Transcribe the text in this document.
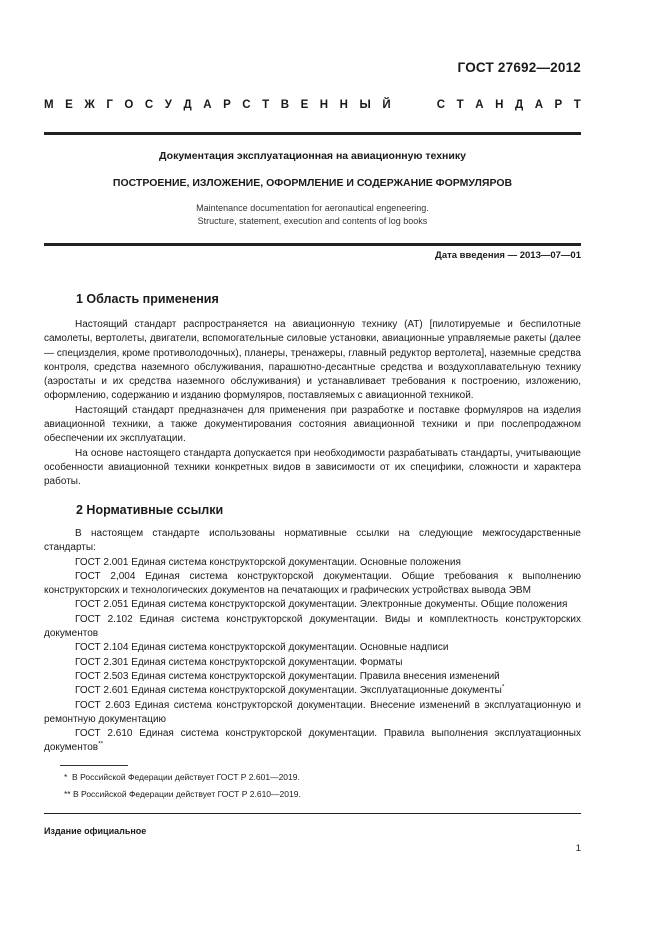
ГОСТ 27692—2012
М Е Ж Г О С У Д А Р С Т В Е Н Н Ы Й	С Т А Н Д А Р Т
Документация эксплуатационная на авиационную технику
ПОСТРОЕНИЕ, ИЗЛОЖЕНИЕ, ОФОРМЛЕНИЕ И СОДЕРЖАНИЕ ФОРМУЛЯРОВ
Maintenance documentation for aeronautical engeneering.
Structure, statement, execution and contents of log books
Дата введения — 2013—07—01
1 Область применения

Настоящий стандарт распространяется на авиационную технику (АТ) [пилотируемые и беспилотные самолеты, вертолеты, двигатели, вспомогательные силовые установки, авиационные управляемые ракеты (далее — специзделия, кроме противолодочных), планеры, тренажеры, главный редуктор вертолета], наземные средства контроля, средства наземного обслуживания, парашютно-десантные средства и воздухоплавательную технику (аэростаты и их средства наземного обслуживания) и устанавливает требования к построению, изложению, оформлению, содержанию и изданию формуляров, поставляемых с авиационной техникой.

Настоящий стандарт предназначен для применения при разработке и поставке формуляров на изделия авиационной техники, а также документирования состояния авиационной техники и при послепродажном обеспечении их эксплуатации.

На основе настоящего стандарта допускается при необходимости разрабатывать стандарты, учитывающие особенности авиационной техники конкретных видов в зависимости от их специфики, сложности и характера работы.

2 Нормативные ссылки

В настоящем стандарте использованы нормативные ссылки на следующие межгосударственные стандарты:

ГОСТ 2.001 Единая система конструкторской документации. Основные положения

ГОСТ 2,004 Единая система конструкторской документации. Общие требования к выполнению конструкторских и технологических документов на печатающих и графических устройствах вывода ЭВМ

ГОСТ 2.051 Единая система конструкторской документации. Электронные документы. Общие положения

ГОСТ 2.102 Единая система конструкторской документации. Виды и комплектность конструкторских документов

ГОСТ 2.104 Единая система конструкторской документации. Основные надписи

ГОСТ 2.301 Единая система конструкторской документации. Форматы

ГОСТ 2.503 Единая система конструкторской документации. Правила внесения изменений

ГОСТ 2.601 Единая система конструкторской документации. Эксплуатационные документы*

ГОСТ 2.603 Единая система конструкторской документации. Внесение изменений в эксплуатационную и ремонтную документацию

ГОСТ 2.610 Единая система конструкторской документации. Правила выполнения эксплуатационных документов**

* В Российской Федерации действует ГОСТ Р 2.601—2019.
** В Российской Федерации действует ГОСТ Р 2.610—2019.
Издание официальное
1
